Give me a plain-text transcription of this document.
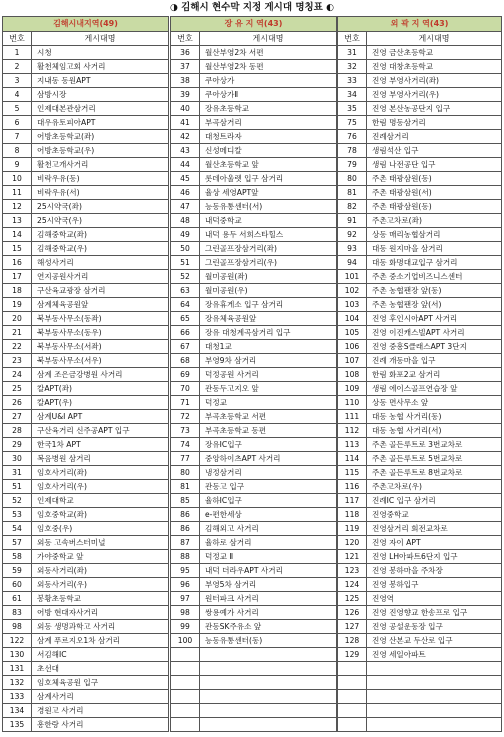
◑ 김해시 현수막 지정 게시대 명칭표 ◐
김해시내지역(49)	
번호	게시대명
1	시청
2	활천체임고회 사거리
3	지내동 동원APT
4	삼방시장
5	인제대본관삼거리
6	대우유토피아APT
7	어방초등학교(좌)
8	어방초등학교(우)
9	활천고개사거리
10	비락우유(동)
11	비락우유(서)
12	25시약국(좌)
13	25시약국(우)
14	김해중학교(좌)
15	김해중학교(우)
16	해성사거리
17	연지공원사거리
18	구산육교광장 삼거리
19	삼계체육공원앞
20	북부동사무소(동좌)
21	북부동사무소(동우)
22	북부동사무소(서좌)
23	북부동사무소(서우)
24	삼계 조은금강병원 사거리
25	칼APT(좌)
26	칼APT(우)
27	삼계U&I APT
28	구산육거리 신주공APT 입구
29	한국1차 APT
30	복음병원 삼거리
31	임호사거리(좌)
51	임호사거리(우)
52	인제대학교
53	임호중학교(좌)
54	임호중(우)
57	외동 고속버스터미널
58	가야중학교 앞
59	외동사거리(좌)
60	외동사거리(우)
61	봉황초등학교
83	어방 현대자사거리
98	외동 생명과학고 사거리
122	삼계 푸르지오1차 삼거리
130	서김해IC
131	초선대
132	임호체육공원 입구
133	삼계사거리
134	경원고 사거리
135	흥한랑 사거리
장 유 지 역(43)	
번호	게시대명
36	월산부영2차 서편
37	월산부영2차 동편
38	쿠아상가
39	쿠아상가Ⅱ
40	장유초등학교
41	부곡삼거리
42	대청트라자
43	신성메디칼
44	월산초등학교 앞
45	롯데아울렛 입구 삼거리
46	율상 세영APT앞
47	능동유통센터(서)
48	내덕중학교
49	내덕 용두 서희스타힐스
50	그린골프장삼거리(좌)
51	그린골프장삼거리(우)
52	월미공원(좌)
63	월미공원(우)
64	장유휴게소 입구 삼거리
65	장유체육공원앞
66	장유 대청계곡삼거리 입구
67	대청1교
68	부영9차 삼거리
69	덕정공원 사거리
70	관동두고지오 앞
71	덕정교
72	부곡초등학교 서편
73	부곡초등학교 동편
74	장유IC입구
77	중앙하이츠APT 사거리
80	냉정삼거리
81	관동고 입구
85	율하IC입구
86	e-편한세상
86	김해외고 사거리
87	율하로 삼거리
88	덕정교 Ⅱ
95	내덕 더라우APT 사거리
96	부영5차 삼거리
97	원터파크 사거리
98	쌍용예가 사거리
99	관동SK주유소 앞
100	능동유통센터(동)

외 곽 지 역(43)	
번호	게시대명
31	진영 금산초등학교
32	진영 대창초등학교
33	진영 부영사거리(좌)
34	진영 부영사거리(우)
35	진영 본산농공단지 입구
75	한림 명동삼거리
76	진례삼거리
78	생림석산 입구
79	생림 나전공단 입구
80	주촌 태광삼원(동)
81	주촌 태광삼원(서)
82	주촌 태광삼원(동)
91	주촌고차로(좌)
92	상동 매리농협삼거리
93	대동 원지마을 삼거리
94	대동 화명대교입구 삼거리
101	주촌 중소기업비즈니스센터
102	주촌 농협팬장 앞(동)
103	주촌 농협팬장 앞(서)
104	진영 후인시아APT 사거리
105	진영 이진캐스빌APT 사거리
106	진영 중흥S클래스APT 3단지
107	진례 개동마을 입구
108	한림 화포2교 삼거리
109	생림 에이스골프연습장 앞
110	상동 면사무소 앞
111	대동 농협 사거리(동)
112	대동 농협 사거리(서)
113	주촌 골든루트로 3번교차로
114	주촌 골든루트로 5번교차로
115	주촌 골든루트로 8번교차로
116	주촌고차로(우)
117	진례IC 입구 삼거리
118	진영중학교
119	진영삼거리 회전교차로
120	진영 자이 APT
121	진영 LH아파트6단지 입구
123	진영 봉하마을 주차장
124	진영 봉하입구
125	진영역
126	진영 진영향교 한송프로 입구
127	진영 공설운동장 입구
128	진영 산본교 두산로 입구
129	진영 세일아파트
